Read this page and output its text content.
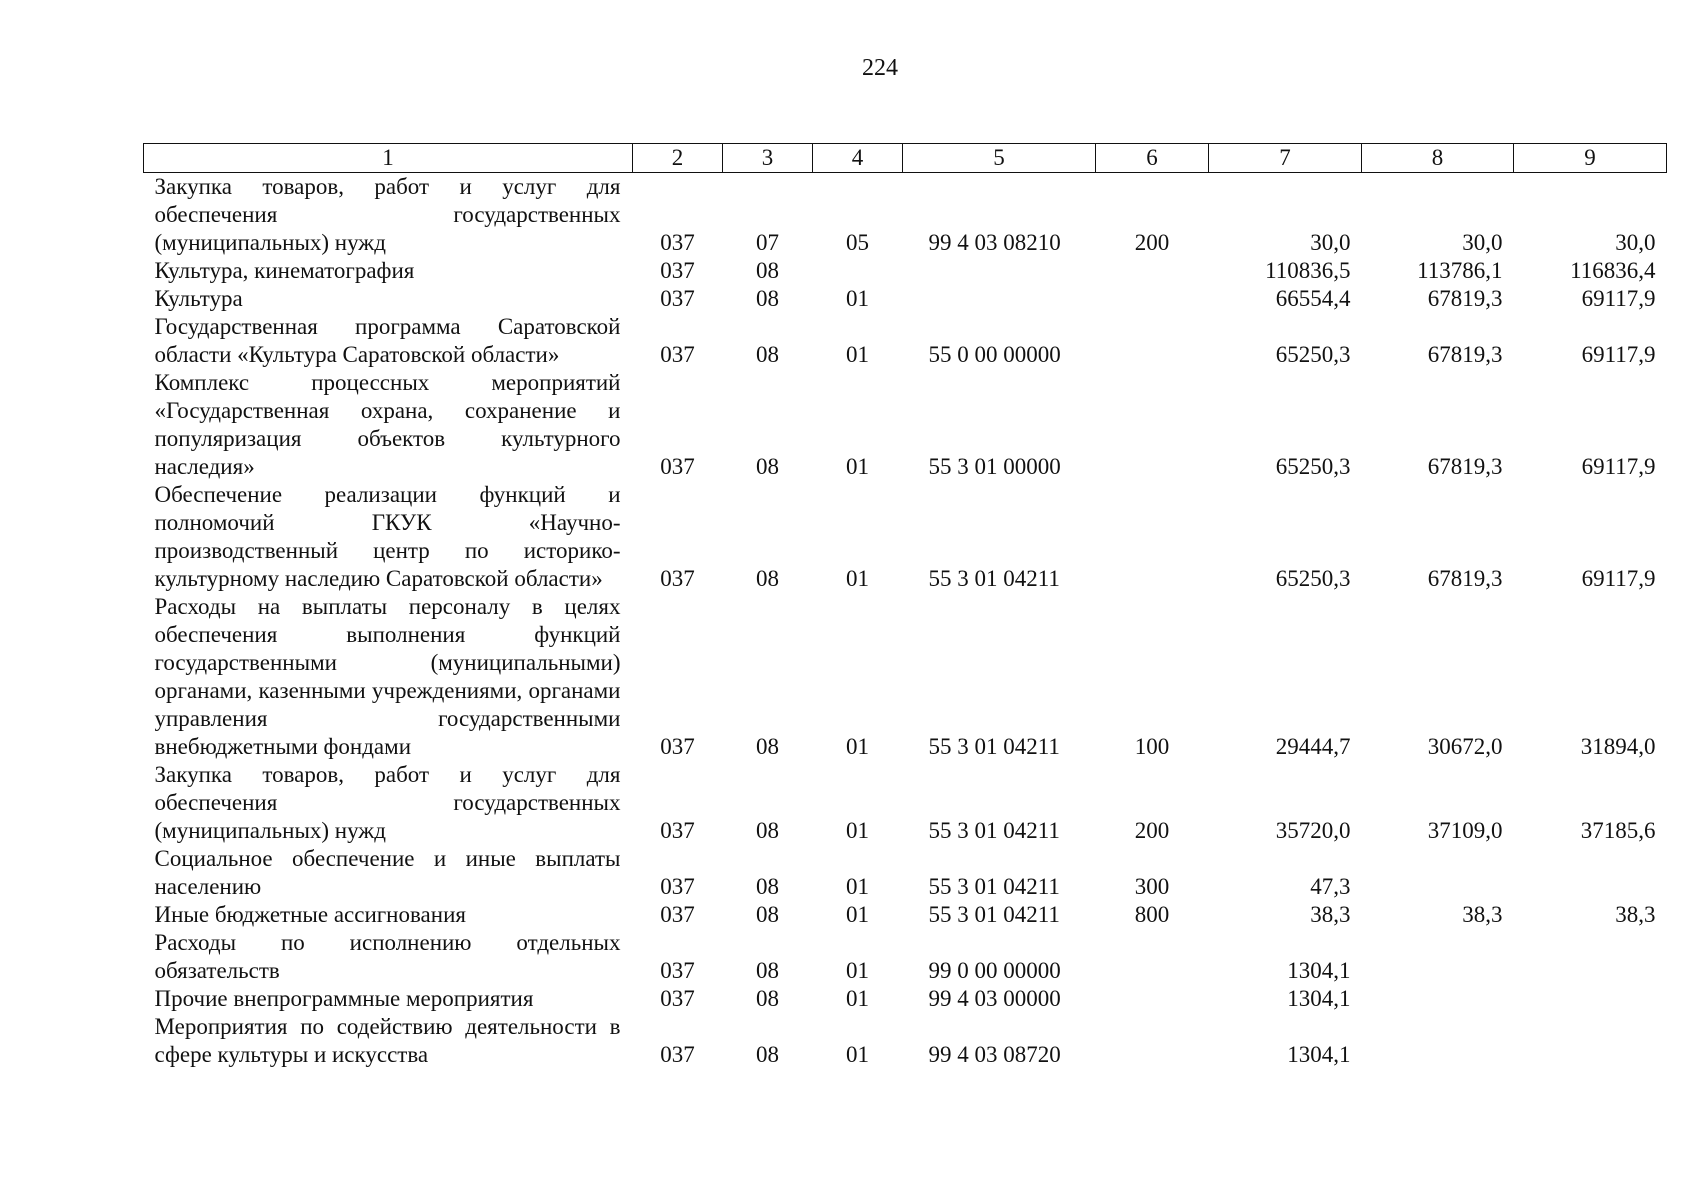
224
1	2	3	4	5	6	7	8	9
Закупка товаров, работ и услуг для обеспечения государственных (муниципальных) нужд	037	07	05	99 4 03 08210	200	30,0	30,0	30,0
Культура, кинематография	037	08				110836,5	113786,1	116836,4
Культура	037	08	01			66554,4	67819,3	69117,9
Государственная программа Саратовской области «Культура Саратовской области»	037	08	01	55 0 00 00000		65250,3	67819,3	69117,9
Комплекс процессных мероприятий «Государственная охрана, сохранение и популяризация объектов культурного наследия»	037	08	01	55 3 01 00000		65250,3	67819,3	69117,9
Обеспечение реализации функций и полномочий ГКУК «Научно-производственный центр по историко-культурному наследию Саратовской области»	037	08	01	55 3 01 04211		65250,3	67819,3	69117,9
Расходы на выплаты персоналу в целях обеспечения выполнения функций государственными (муниципальными) органами, казенными учреждениями, органами управления государственными внебюджетными фондами	037	08	01	55 3 01 04211	100	29444,7	30672,0	31894,0
Закупка товаров, работ и услуг для обеспечения государственных (муниципальных) нужд	037	08	01	55 3 01 04211	200	35720,0	37109,0	37185,6
Социальное обеспечение и иные выплаты населению	037	08	01	55 3 01 04211	300	47,3		
Иные бюджетные ассигнования	037	08	01	55 3 01 04211	800	38,3	38,3	38,3
Расходы по исполнению отдельных обязательств	037	08	01	99 0 00 00000		1304,1		
Прочие внепрограммные мероприятия	037	08	01	99 4 03 00000		1304,1		
Мероприятия по содействию деятельности в сфере культуры и искусства	037	08	01	99 4 03 08720		1304,1		
